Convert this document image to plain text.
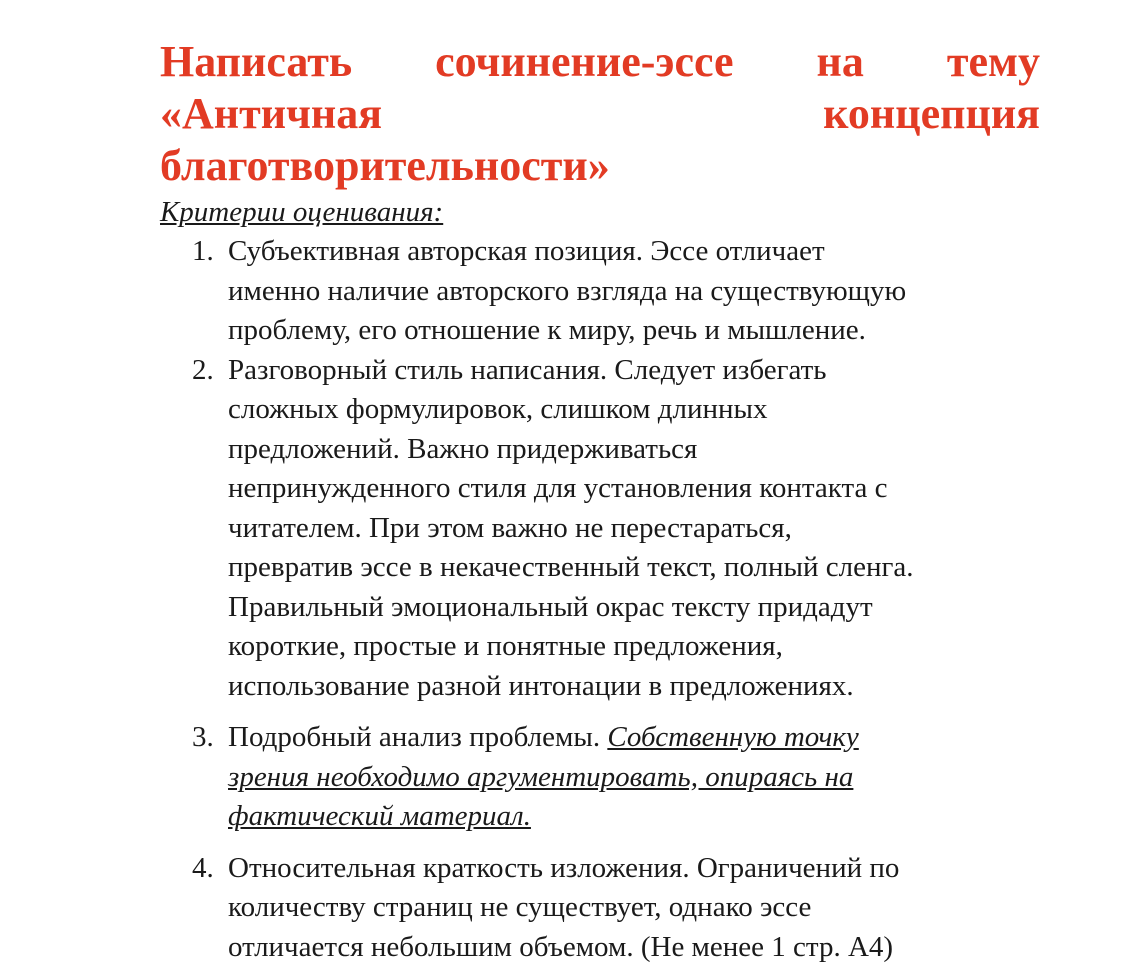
Написать сочинение-эссе на тему
«Античная	концепция
благотворительности»
Критерии оценивания:
1. Субъективная авторская позиция. Эссе отличает
именно наличие авторского взгляда на существующую
проблему, его отношение к миру, речь и мышление.
2. Разговорный стиль написания. Следует избегать
сложных формулировок, слишком длинных
предложений. Важно придерживаться
непринужденного стиля для установления контакта с
читателем. При этом важно не перестараться,
превратив эссе в некачественный текст, полный сленга.
Правильный эмоциональный окрас тексту придадут
короткие, простые и понятные предложения,
использование разной интонации в предложениях.
3. Подробный анализ проблемы. Собственную точку
зрения необходимо аргументировать, опираясь на
фактический материал.
4. Относительная краткость изложения. Ограничений по
количеству страниц не существует, однако эссе
отличается небольшим объемом. (Не менее 1 стр. А4)
